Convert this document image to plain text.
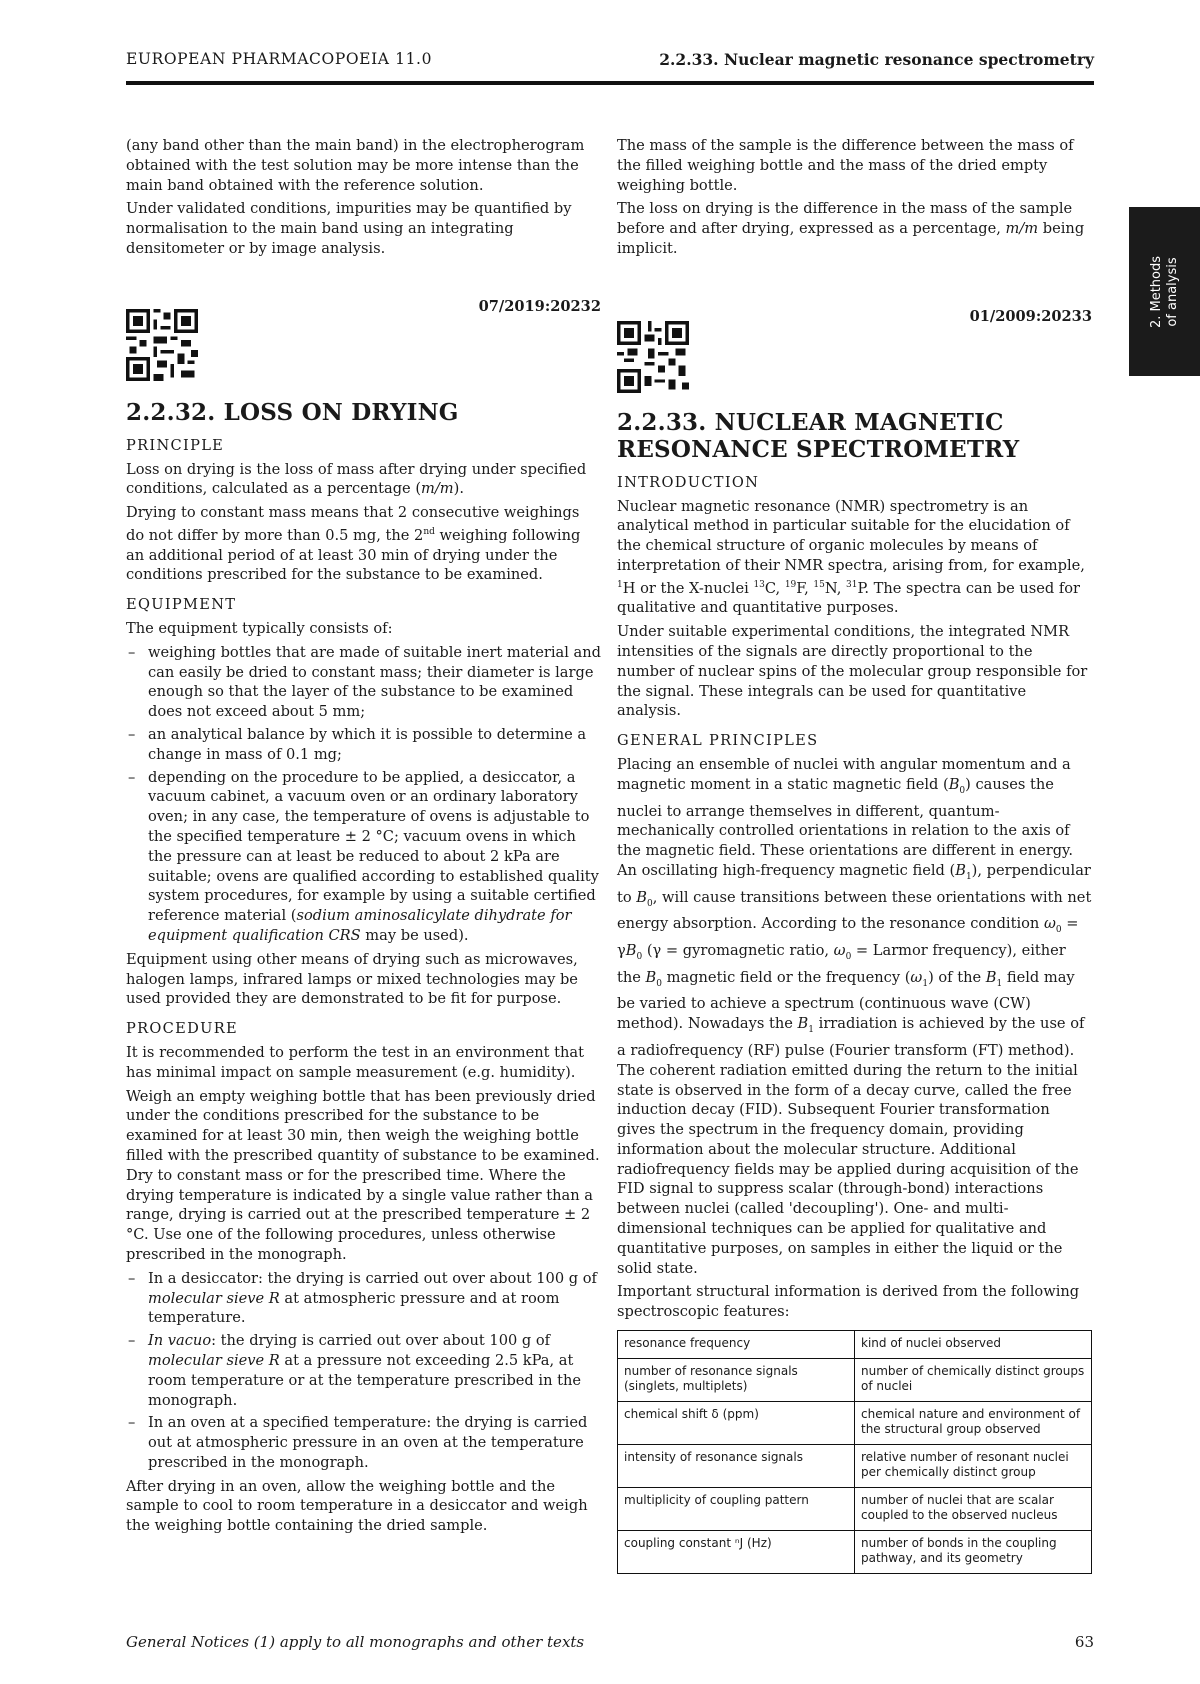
EUROPEAN PHARMACOPOEIA 11.0	2.2.33. Nuclear magnetic resonance spectrometry
2. Methods of analysis

(any band other than the main band) in the electropherogram obtained with the test solution may be more intense than the main band obtained with the reference solution.

Under validated conditions, impurities may be quantified by normalisation to the main band using an integrating densitometer or by image analysis.

07/2019:20232
2.2.32. LOSS ON DRYING
PRINCIPLE

Loss on drying is the loss of mass after drying under specified conditions, calculated as a percentage (m/m).

Drying to constant mass means that 2 consecutive weighings do not differ by more than 0.5 mg, the 2nd weighing following an additional period of at least 30 min of drying under the conditions prescribed for the substance to be examined.

EQUIPMENT

The equipment typically consists of:

– weighing bottles that are made of suitable inert material and can easily be dried to constant mass; their diameter is large enough so that the layer of the substance to be examined does not exceed about 5 mm;
– an analytical balance by which it is possible to determine a change in mass of 0.1 mg;
– depending on the procedure to be applied, a desiccator, a vacuum cabinet, a vacuum oven or an ordinary laboratory oven; in any case, the temperature of ovens is adjustable to the specified temperature ± 2 °C; vacuum ovens in which the pressure can at least be reduced to about 2 kPa are suitable; ovens are qualified according to established quality system procedures, for example by using a suitable certified reference material (sodium aminosalicylate dihydrate for equipment qualification CRS may be used).

Equipment using other means of drying such as microwaves, halogen lamps, infrared lamps or mixed technologies may be used provided they are demonstrated to be fit for purpose.

PROCEDURE

It is recommended to perform the test in an environment that has minimal impact on sample measurement (e.g. humidity).

Weigh an empty weighing bottle that has been previously dried under the conditions prescribed for the substance to be examined for at least 30 min, then weigh the weighing bottle filled with the prescribed quantity of substance to be examined. Dry to constant mass or for the prescribed time. Where the drying temperature is indicated by a single value rather than a range, drying is carried out at the prescribed temperature ± 2 °C. Use one of the following procedures, unless otherwise prescribed in the monograph.

– In a desiccator: the drying is carried out over about 100 g of molecular sieve R at atmospheric pressure and at room temperature.
– In vacuo: the drying is carried out over about 100 g of molecular sieve R at a pressure not exceeding 2.5 kPa, at room temperature or at the temperature prescribed in the monograph.
– In an oven at a specified temperature: the drying is carried out at atmospheric pressure in an oven at the temperature prescribed in the monograph.

After drying in an oven, allow the weighing bottle and the sample to cool to room temperature in a desiccator and weigh the weighing bottle containing the dried sample.

The mass of the sample is the difference between the mass of the filled weighing bottle and the mass of the dried empty weighing bottle.

The loss on drying is the difference in the mass of the sample before and after drying, expressed as a percentage, m/m being implicit.

01/2009:20233
2.2.33. NUCLEAR MAGNETIC RESONANCE SPECTROMETRY
INTRODUCTION

Nuclear magnetic resonance (NMR) spectrometry is an analytical method in particular suitable for the elucidation of the chemical structure of organic molecules by means of interpretation of their NMR spectra, arising from, for example, $^1$H or the X-nuclei $^{13}$C, $^{19}$F, $^{15}$N, $^{31}$P. The spectra can be used for qualitative and quantitative purposes.

Under suitable experimental conditions, the integrated NMR intensities of the signals are directly proportional to the number of nuclear spins of the molecular group responsible for the signal. These integrals can be used for quantitative analysis.

GENERAL PRINCIPLES

Placing an ensemble of nuclei with angular momentum and a magnetic moment in a static magnetic field $(B_0)$ causes the nuclei to arrange themselves in different, quantum-mechanically controlled orientations in relation to the axis of the magnetic field. These orientations are different in energy. An oscillating high-frequency magnetic field $(B_1)$, perpendicular to $B_0$, will cause transitions between these orientations with net energy absorption. According to the resonance condition $\omega_0 = \gamma B_0$ (γ = gyromagnetic ratio, $\omega_0$ = Larmor frequency), either the $B_0$ magnetic field or the frequency $(\omega_1)$ of the $B_1$ field may be varied to achieve a spectrum (continuous wave (CW) method). Nowadays the $B_1$ irradiation is achieved by the use of a radiofrequency (RF) pulse (Fourier transform (FT) method). The coherent radiation emitted during the return to the initial state is observed in the form of a decay curve, called the free induction decay (FID). Subsequent Fourier transformation gives the spectrum in the frequency domain, providing information about the molecular structure. Additional radiofrequency fields may be applied during acquisition of the FID signal to suppress scalar (through-bond) interactions between nuclei (called 'decoupling'). One- and multi-dimensional techniques can be applied for qualitative and quantitative purposes, on samples in either the liquid or the solid state.

Important structural information is derived from the following spectroscopic features:

resonance frequency	kind of nuclei observed
number of resonance signals (singlets, multiplets)	number of chemically distinct groups of nuclei
chemical shift δ (ppm)	chemical nature and environment of the structural group observed
intensity of resonance signals	relative number of resonant nuclei per chemically distinct group
multiplicity of coupling pattern	number of nuclei that are scalar coupled to the observed nucleus
coupling constant ⁿJ (Hz)	number of bonds in the coupling pathway, and its geometry
General Notices (1) apply to all monographs and other texts	63
